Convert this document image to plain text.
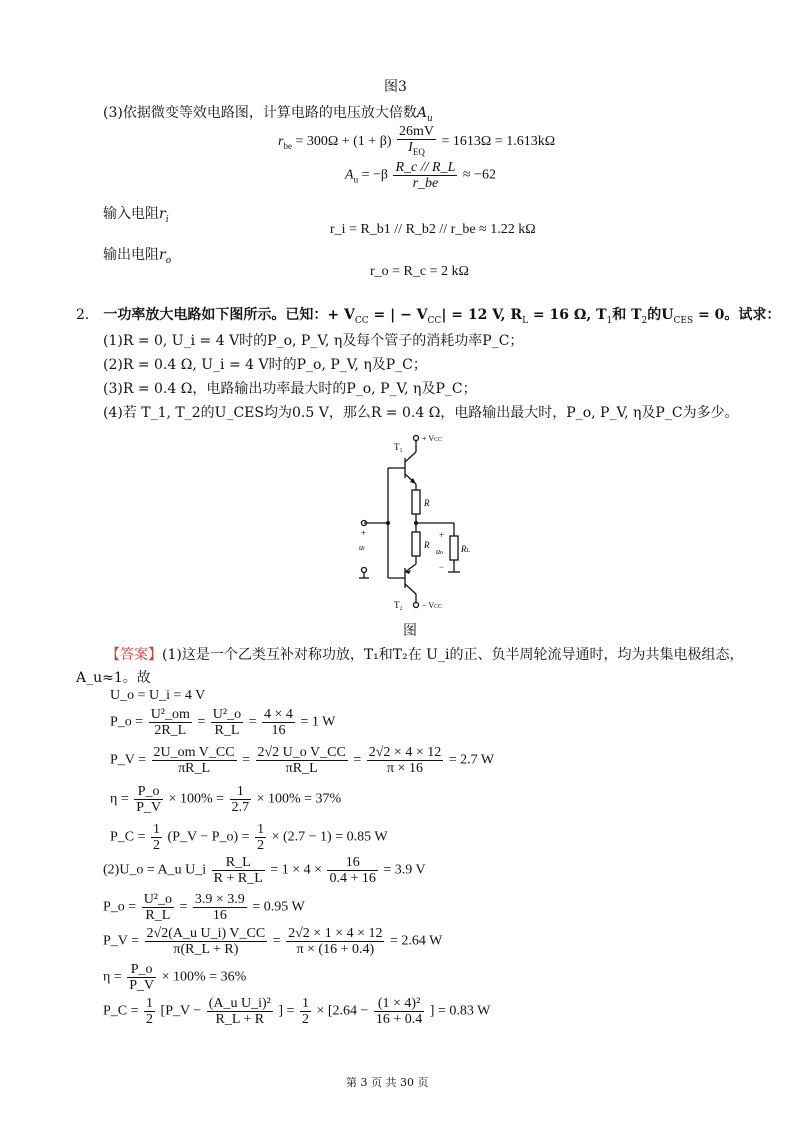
图3
(3)依据微变等效电路图，计算电路的电压放大倍数$A_u$
$r_{be} = 300\Omega + (1 + \beta) \frac{26mV}{I_{EQ}} = 1613\Omega = 1.613k\Omega$
$A_u = -\beta \frac{R\_c // R\_L}{r\_be} \approx -62$
输入电阻$r_i$
r_i = R_b1 // R_b2 // r_be ≈ 1.22 kΩ
输出电阻$r_o$
r_o = R_c = 2 kΩ
2． 一功率放大电路如下图所示。已知：+ $V_{CC}$ = | − $V_{CC}| = 12$ V, $R_L = 16$ Ω, $T_1$和 $T_2$的$U_{CES} = 0$。试求：
(1)R = 0, U_i = 4 V时的P_o, P_V, η及每个管子的消耗功率P_C；
(2)R = 0.4 Ω, U_i = 4 V时的P_o, P_V, η及P_C；
(3)R = 0.4 Ω，电路输出功率最大时的P_o, P_V, η及P_C；
(4)若 T_1, T_2的U_CES均为0.5 V，那么R = 0.4 Ω，电路输出最大时，P_o, P_V, η及P_C为多少。
T₁
+ VCC
R
R	RL
+
uo
−
+
ui
T₂ − VCC
图
【答案】(1)这是一个乙类互补对称功放，T₁和T₂在 U_i的正、负半周轮流导通时，均为共集电极组态，
A_u≈1。故
U_o = U_i = 4 V
P_o = $\frac{\text{U²\_om}}{2R\_L} = \frac{\text{U²\_o}}{R\_L} = \frac{4 \times 4}{16} = 1$ W
P_V = $\frac{\text{2U\_om V\_CC}}{\pi R\_L} = \frac{\text{2√2 U\_o V\_CC}}{\pi R\_L} = \frac{2√2 \times 4 \times 12}{\pi \times 16} = 2.7$ W
$\eta = \frac{P\_o}{P\_V} \times 100\% = \frac{1}{2.7} \times 100\% = 37\%$
P_C = $\frac{1}{2}$ (P_V − P_o) = $\frac{1}{2} \times (2.7 - 1) = 0.85$ W
(2)U_o = A_u U_i $\frac{R\_L}{R + R\_L} = 1 \times 4 \times \frac{16}{0.4 + 16} = 3.9$ V
P_o = $\frac{\text{U²\_o}}{R\_L} = \frac{3.9 \times 3.9}{16} = 0.95$ W
P_V = $\frac{\text{2√2(A\_u U\_i) V\_CC}}{\pi(R\_L + R)} = \frac{2√2 \times 1 \times 4 \times 12}{\pi \times (16 + 0.4)} = 2.64$ W
$\eta = \frac{P\_o}{P\_V} \times 100\% = 36\%$
P_C = $\frac{1}{2}$ [P_V − $\frac{\text{(A\_u U\_i)²}}{R\_L + R}$ ] = $\frac{1}{2} \times [2.64 - \frac{\text{(1 × 4)²}}{16 + 0.4}$ ] = 0.83 W
第 3 页 共 30 页
